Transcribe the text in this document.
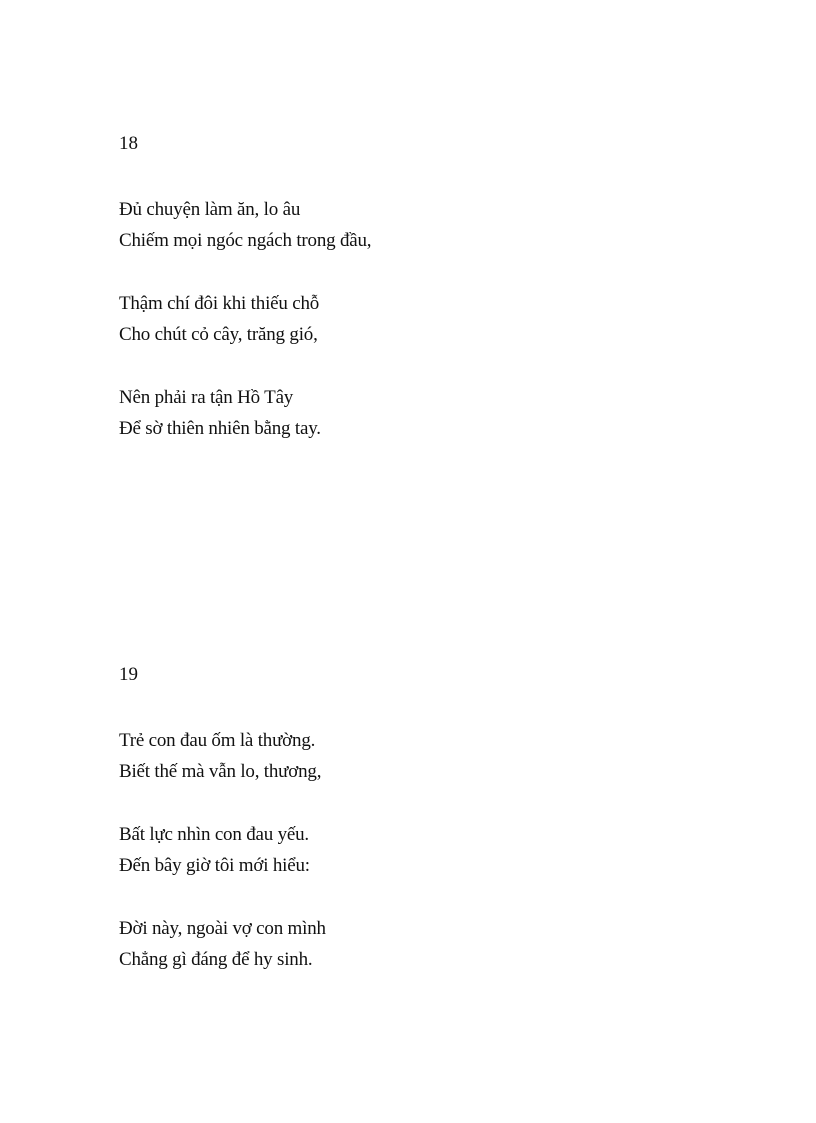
18
Đủ chuyện làm ăn, lo âu
Chiếm mọi ngóc ngách trong đầu,
Thậm chí đôi khi thiếu chỗ
Cho chút cỏ cây, trăng gió,
Nên phải ra tận Hồ Tây
Để sờ thiên nhiên bằng tay.
19
Trẻ con đau ốm là thường.
Biết thế mà vẫn lo, thương,
Bất lực nhìn con đau yếu.
Đến bây giờ tôi mới hiểu:
Đời này, ngoài vợ con mình
Chẳng gì đáng để hy sinh.
